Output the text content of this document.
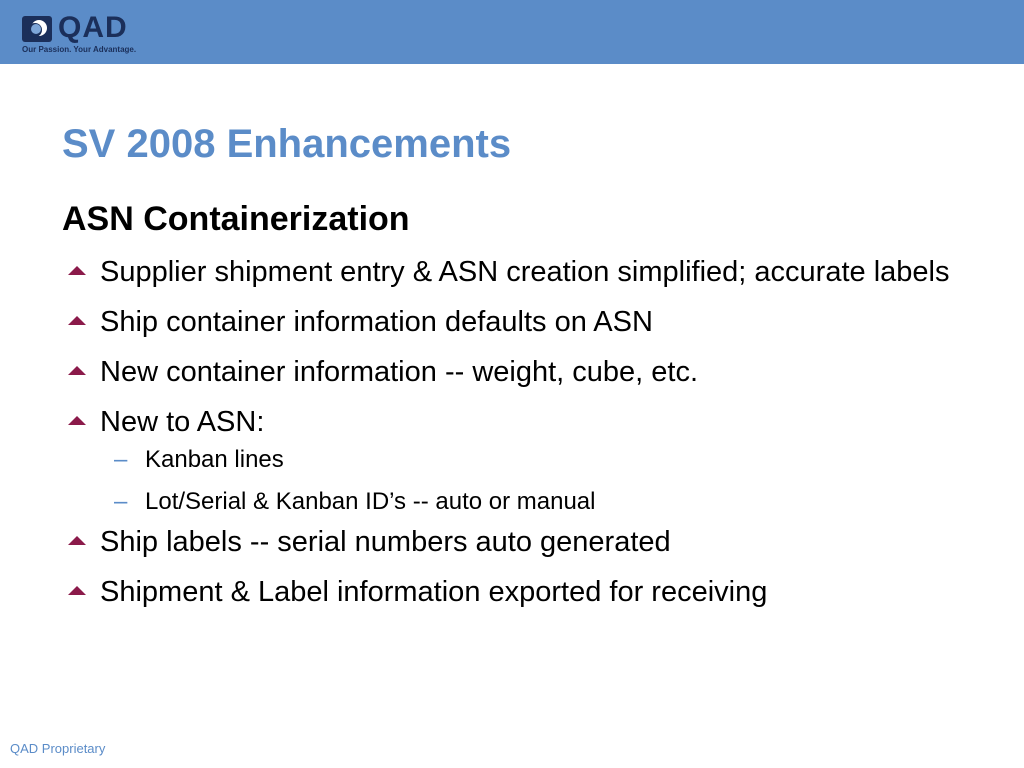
QAD
Our Passion. Your Advantage.
SV 2008 Enhancements
ASN Containerization
Supplier shipment entry & ASN creation simplified; accurate labels
Ship container information defaults on ASN
New container information -- weight, cube, etc.
New to ASN:
– Kanban lines
– Lot/Serial & Kanban ID’s -- auto or manual
Ship labels -- serial numbers auto generated
Shipment & Label information exported for receiving
QAD Proprietary
